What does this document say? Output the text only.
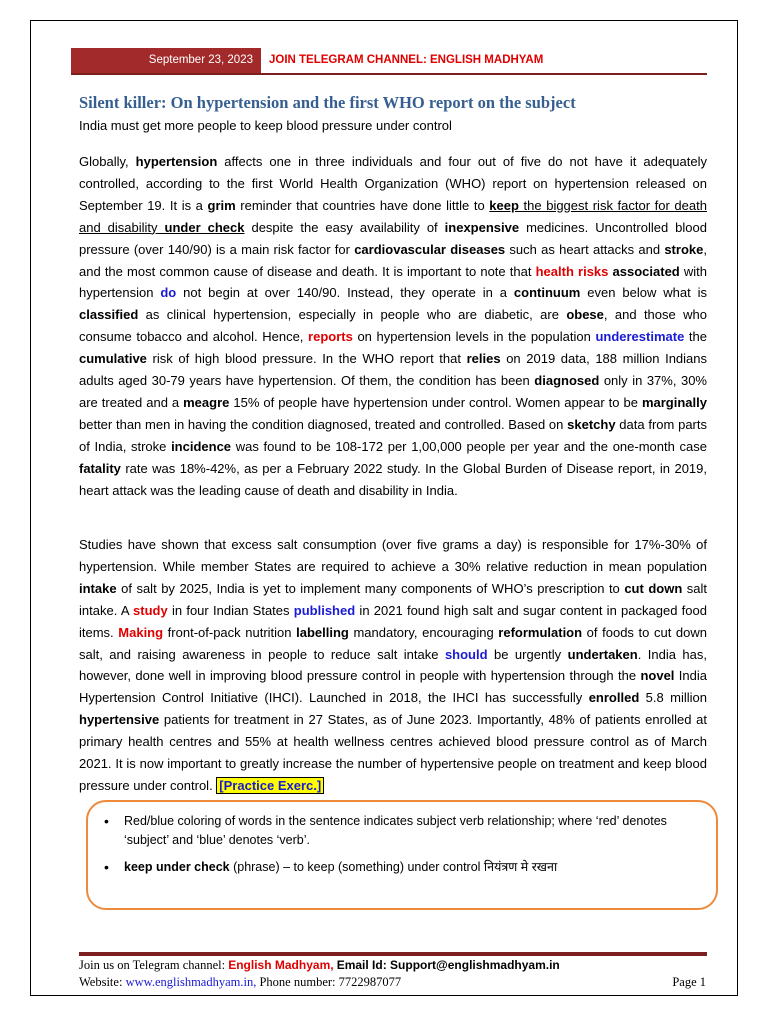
September 23, 2023	JOIN TELEGRAM CHANNEL: ENGLISH MADHYAM
Silent killer: On hypertension and the first WHO report on the subject
India must get more people to keep blood pressure under control
Globally, hypertension affects one in three individuals and four out of five do not have it adequately controlled, according to the first World Health Organization (WHO) report on hypertension released on September 19. It is a grim reminder that countries have done little to keep the biggest risk factor for death and disability under check despite the easy availability of inexpensive medicines. Uncontrolled blood pressure (over 140/90) is a main risk factor for cardiovascular diseases such as heart attacks and stroke, and the most common cause of disease and death. It is important to note that health risks associated with hypertension do not begin at over 140/90. Instead, they operate in a continuum even below what is classified as clinical hypertension, especially in people who are diabetic, are obese, and those who consume tobacco and alcohol. Hence, reports on hypertension levels in the population underestimate the cumulative risk of high blood pressure. In the WHO report that relies on 2019 data, 188 million Indians adults aged 30-79 years have hypertension. Of them, the condition has been diagnosed only in 37%, 30% are treated and a meagre 15% of people have hypertension under control. Women appear to be marginally better than men in having the condition diagnosed, treated and controlled. Based on sketchy data from parts of India, stroke incidence was found to be 108-172 per 1,00,000 people per year and the one-month case fatality rate was 18%-42%, as per a February 2022 study. In the Global Burden of Disease report, in 2019, heart attack was the leading cause of death and disability in India.
Studies have shown that excess salt consumption (over five grams a day) is responsible for 17%-30% of hypertension. While member States are required to achieve a 30% relative reduction in mean population intake of salt by 2025, India is yet to implement many components of WHO’s prescription to cut down salt intake. A study in four Indian States published in 2021 found high salt and sugar content in packaged food items. Making front-of-pack nutrition labelling mandatory, encouraging reformulation of foods to cut down salt, and raising awareness in people to reduce salt intake should be urgently undertaken. India has, however, done well in improving blood pressure control in people with hypertension through the novel India Hypertension Control Initiative (IHCI). Launched in 2018, the IHCI has successfully enrolled 5.8 million hypertensive patients for treatment in 27 States, as of June 2023. Importantly, 48% of patients enrolled at primary health centres and 55% at health wellness centres achieved blood pressure control as of March 2021. It is now important to greatly increase the number of hypertensive people on treatment and keep blood pressure under control. [Practice Exerc.]
• Red/blue coloring of words in the sentence indicates subject verb relationship; where ‘red’ denotes ‘subject’ and ‘blue’ denotes ‘verb’.
• keep under check (phrase) – to keep (something) under control नियंत्रण मे रखना
Join us on Telegram channel: English Madhyam, Email Id: Support@englishmadhyam.in
Website: www.englishmadhyam.in, Phone number: 7722987077	Page 1
